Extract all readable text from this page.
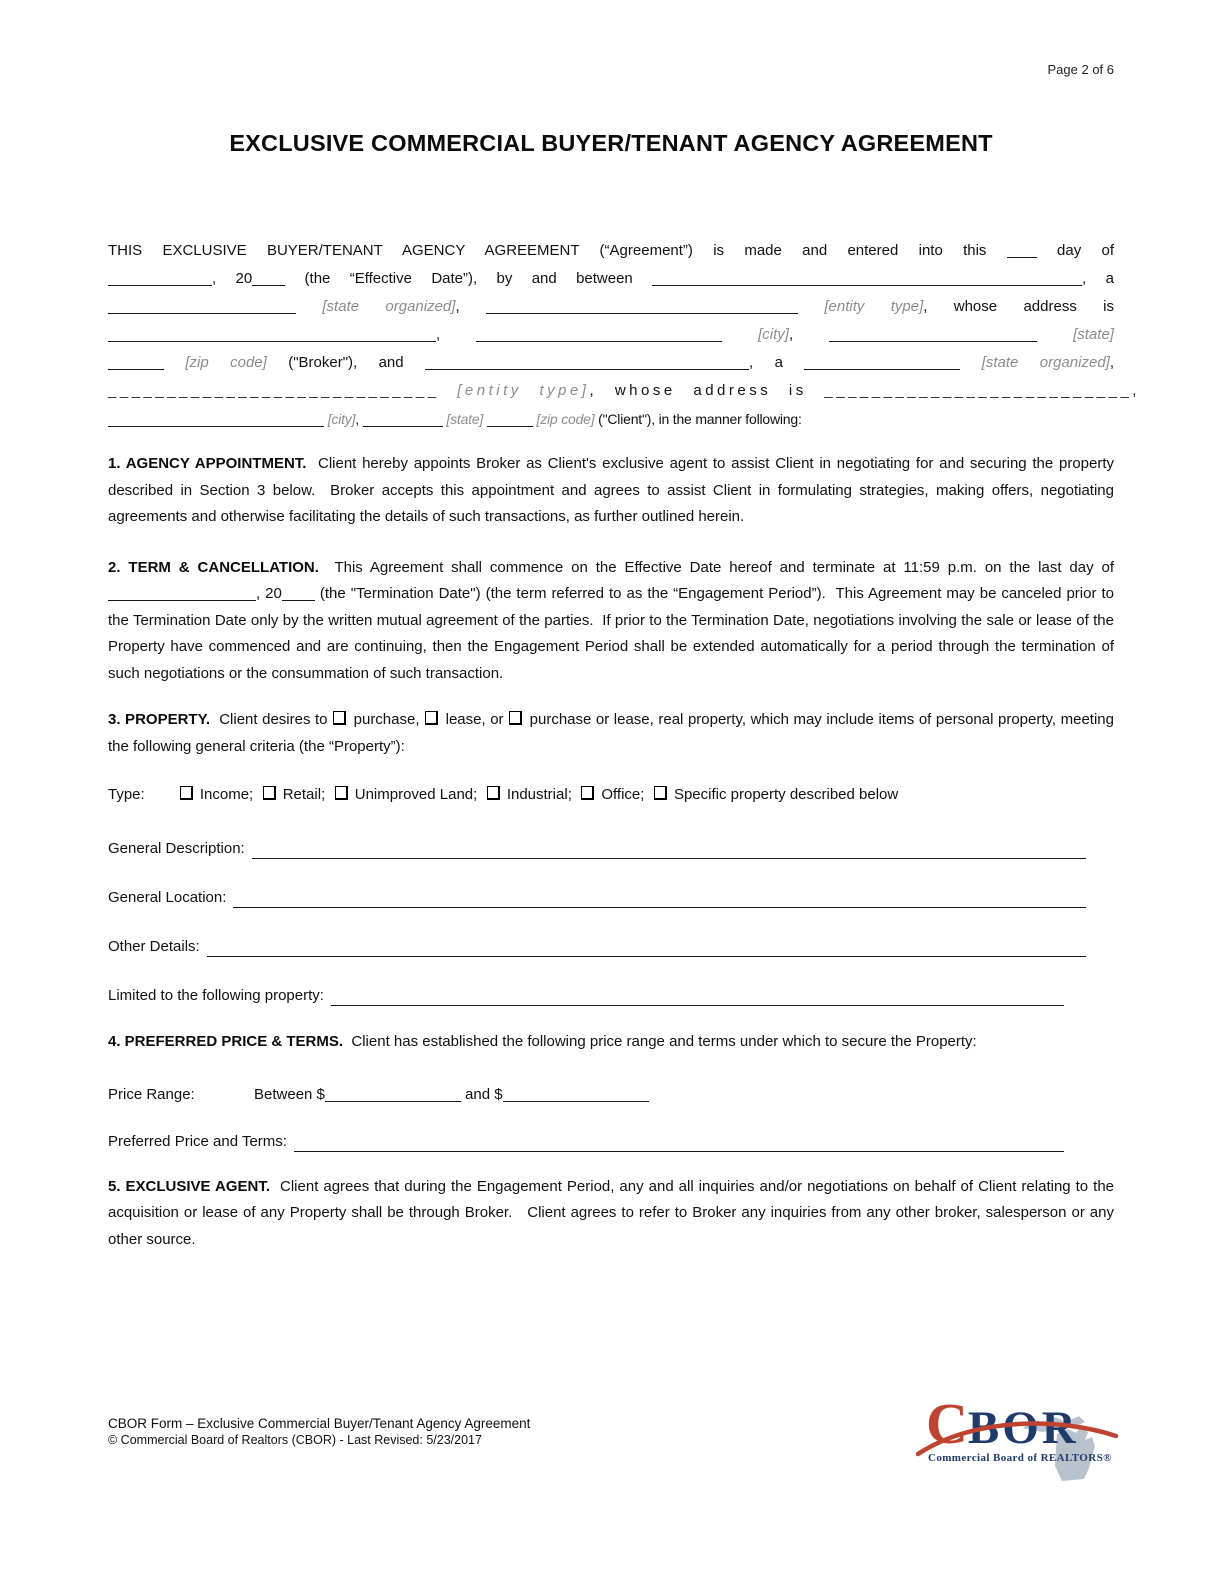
Page 2 of 6
EXCLUSIVE COMMERCIAL BUYER/TENANT AGENCY AGREEMENT
THIS EXCLUSIVE BUYER/TENANT AGENCY AGREEMENT (“Agreement”) is made and entered into this  day of
, 20 (the “Effective Date”), by and between	, a
[state organized],	[entity type], whose address is
,	[city],	[state]
[zip code] ("Broker"), and	, a	[state organized],
____________________________ [entity type], whose address is __________________________,
[city],	[state]	[zip code] ("Client"), in the manner following:

1. AGENCY APPOINTMENT.  Client hereby appoints Broker as Client's exclusive agent to assist Client in negotiating for and securing the property described in Section 3 below.  Broker accepts this appointment and agrees to assist Client in formulating strategies, making offers, negotiating agreements and otherwise facilitating the details of such transactions, as further outlined herein.

2. TERM & CANCELLATION.  This Agreement shall commence on the Effective Date hereof and terminate at 11:59 p.m. on the last day of , 20 (the "Termination Date") (the term referred to as the “Engagement Period”).  This Agreement may be canceled prior to the Termination Date only by the written mutual agreement of the parties.  If prior to the Termination Date, negotiations involving the sale or lease of the Property have commenced and are continuing, then the Engagement Period shall be extended automatically for a period through the termination of such negotiations or the consummation of such transaction.

3. PROPERTY.  Client desires to  purchase,  lease, or  purchase or lease, real property, which may include items of personal property, meeting the following general criteria (the “Property”):

Type:	Income;   Retail;   Unimproved Land;   Industrial;   Office;   Specific property described below
General Description:
General Location:
Other Details:
Limited to the following property:

4. PREFERRED PRICE & TERMS.  Client has established the following price range and terms under which to secure the Property:

Price Range:	Between $	and $
Preferred Price and Terms:

5. EXCLUSIVE AGENT.  Client agrees that during the Engagement Period, any and all inquiries and/or negotiations on behalf of Client relating to the acquisition or lease of any Property shall be through Broker.   Client agrees to refer to Broker any inquiries from any other broker, salesperson or any other source.

CBOR Form – Exclusive Commercial Buyer/Tenant Agency Agreement
© Commercial Board of Realtors (CBOR) - Last Revised: 5/23/2017	CBOR
Commercial Board of REALTORS®
